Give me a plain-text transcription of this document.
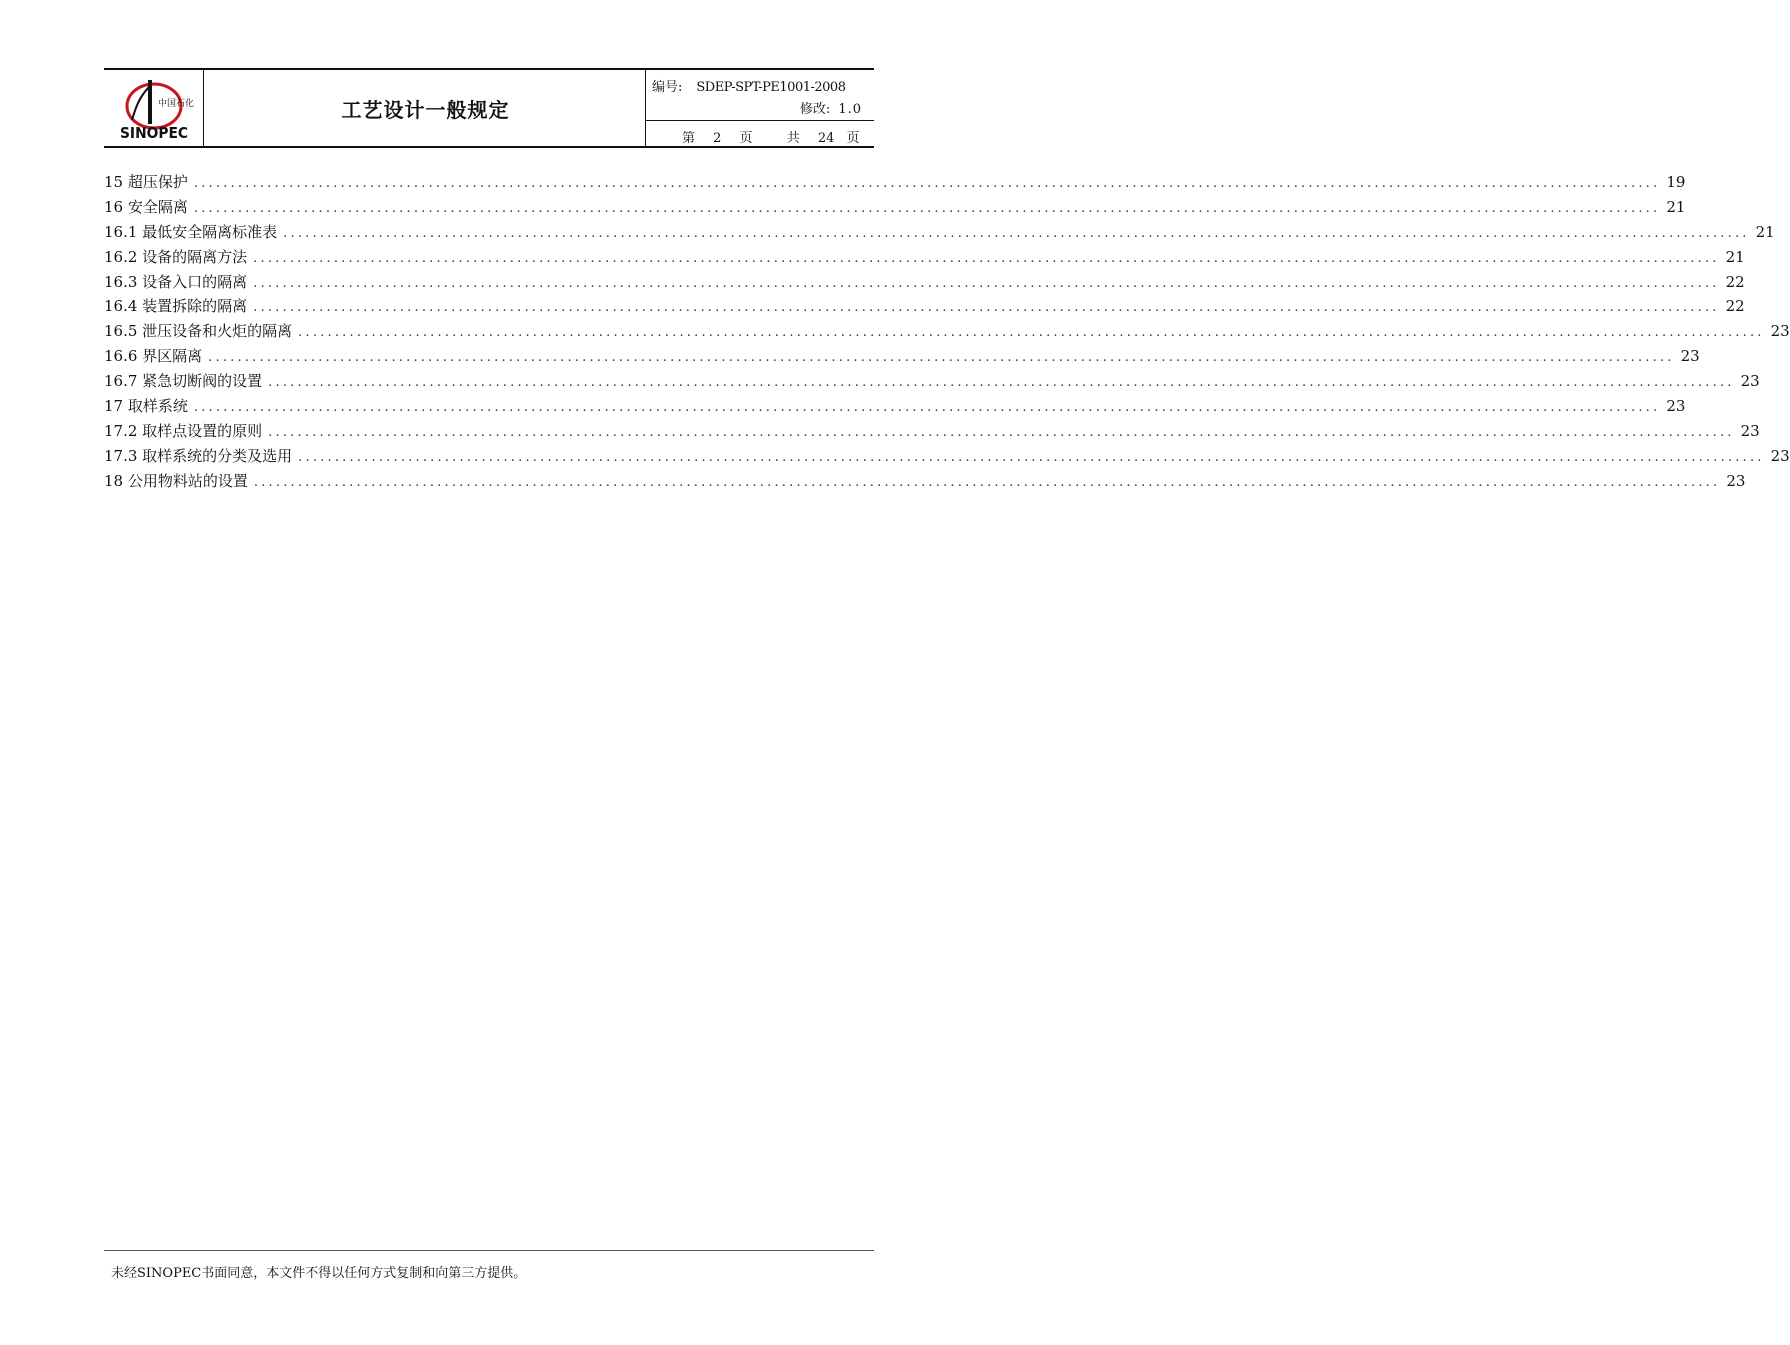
中国石化
SINOPEC
工艺设计一般规定
编号: SDEP-SPT-PE1001-2008
修改: 1.0
第 2 页	共 24 页
15 超压保护 ........................................................................................................................................................................................................ 19
16 安全隔离 ........................................................................................................................................................................................................ 21
16.1 最低安全隔离标准表 ........................................................................................................................................................................................................ 21
16.2 设备的隔离方法 ........................................................................................................................................................................................................ 21
16.3 设备入口的隔离 ........................................................................................................................................................................................................ 22
16.4 装置拆除的隔离 ........................................................................................................................................................................................................ 22
16.5 泄压设备和火炬的隔离 ........................................................................................................................................................................................................ 23
16.6 界区隔离 ........................................................................................................................................................................................................ 23
16.7 紧急切断阀的设置 ........................................................................................................................................................................................................ 23
17 取样系统 ........................................................................................................................................................................................................ 23
17.2 取样点设置的原则 ........................................................................................................................................................................................................ 23
17.3 取样系统的分类及选用 ........................................................................................................................................................................................................ 23
18 公用物料站的设置 ........................................................................................................................................................................................................ 23
未经SINOPEC书面同意，本文件不得以任何方式复制和向第三方提供。
